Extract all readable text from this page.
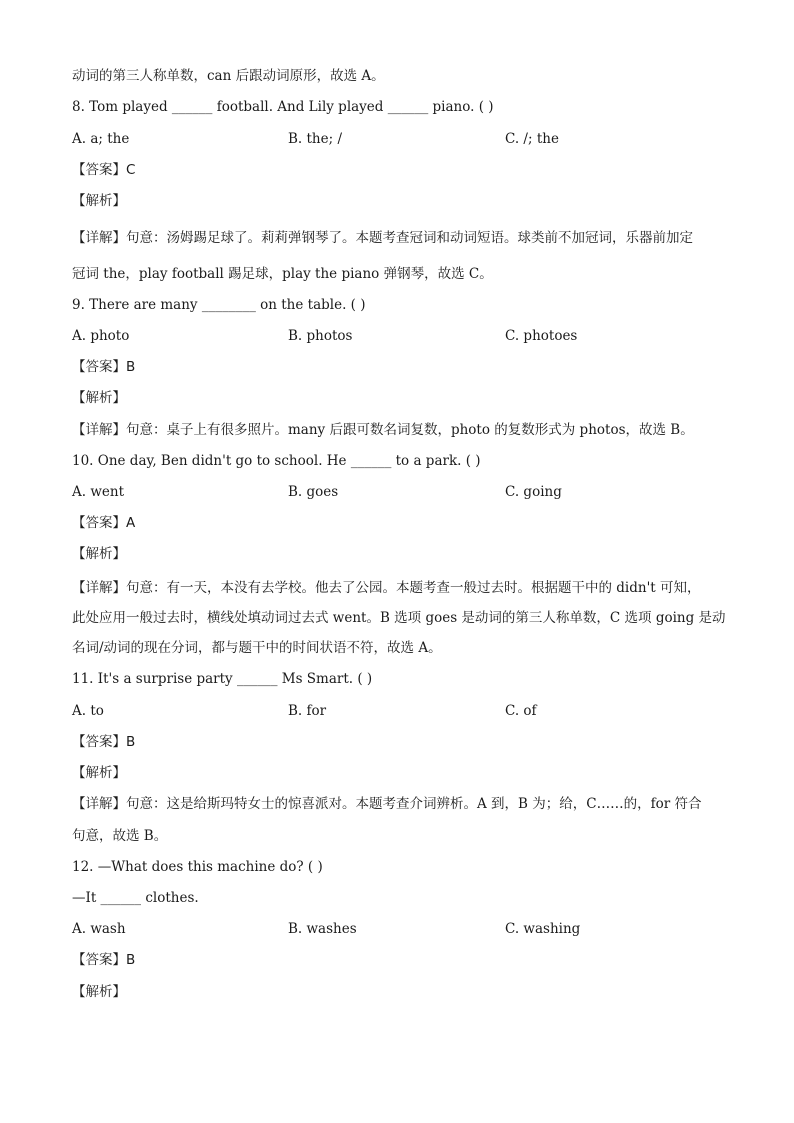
动词的第三人称单数，can 后跟动词原形，故选 A。
8. Tom played ______ football. And Lily played ______ piano. ( )
A. a; the	B. the; /	C. /; the
【答案】C
【解析】
【详解】句意：汤姆踢足球了。莉莉弹钢琴了。本题考查冠词和动词短语。球类前不加冠词，乐器前加定
冠词 the，play football 踢足球，play the piano 弹钢琴，故选 C。
9. There are many ________ on the table. ( )
A. photo	B. photos	C. photoes
【答案】B
【解析】
【详解】句意：桌子上有很多照片。many 后跟可数名词复数，photo 的复数形式为 photos，故选 B。
10. One day, Ben didn't go to school. He ______ to a park. ( )
A. went	B. goes	C. going
【答案】A
【解析】
【详解】句意：有一天，本没有去学校。他去了公园。本题考查一般过去时。根据题干中的 didn't 可知，
此处应用一般过去时，横线处填动词过去式 went。B 选项 goes 是动词的第三人称单数，C 选项 going 是动
名词/动词的现在分词，都与题干中的时间状语不符，故选 A。
11. It's a surprise party ______ Ms Smart. ( )
A. to	B. for	C. of
【答案】B
【解析】
【详解】句意：这是给斯玛特女士的惊喜派对。本题考查介词辨析。A 到，B 为；给，C……的，for 符合
句意，故选 B。
12. —What does this machine do? ( )
—It ______ clothes.
A. wash	B. washes	C. washing
【答案】B
【解析】
